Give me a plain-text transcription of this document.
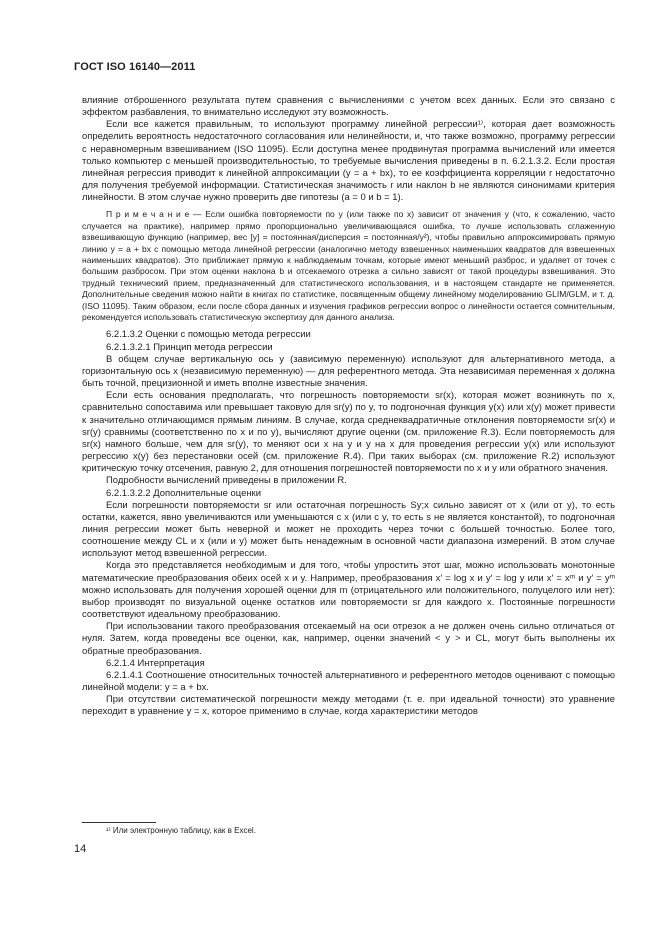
ГОСТ ISO 16140—2011

влияние отброшенного результата путем сравнения с вычислениями с учетом всех данных. Если это связано с эффектом разбавления, то внимательно исследуют эту возможность.

Если все кажется правильным, то используют программу линейной регрессии¹⁾, которая дает возможность определить вероятность недостаточного согласования или нелинейности, и, что также возможно, программу регрессии с неравномерным взвешиванием (ISO 11095). Если доступна менее продвинутая программа вычислений или имеется только компьютер с меньшей производительностью, то требуемые вычисления приведены в п. 6.2.1.3.2. Если простая линейная регрессия приводит к линейной аппроксимации (y = a + bx), то ее коэффициента корреляции r недостаточно для получения требуемой информации. Статистическая значимость r или наклон b не являются синонимами критерия линейности. В этом случае нужно проверить две гипотезы (a = 0 и b = 1).

П р и м е ч а н и е — Если ошибка повторяемости по y (или также по x) зависит от значения y (что, к сожалению, часто случается на практике), например прямо пропорционально увеличивающаяся ошибка, то лучше использовать сглаженную взвешивающую функцию (например, вес [y] = постоянная/дисперсия = постоянная/y²), чтобы правильно аппроксимировать прямую линию y = a + bx с помощью метода линейной регрессии (аналогично методу взвешенных наименьших квадратов для взвешенных наименьших квадратов). Это приближает прямую к наблюдаемым точкам, которые имеют меньший разброс, и удаляет от точек с большим разбросом. При этом оценки наклона b и отсекаемого отрезка a сильно зависят от такой процедуры взвешивания. Это трудный технический прием, предназначенный для статистического использования, и в настоящем стандарте не применяется. Дополнительные сведения можно найти в книгах по статистике, посвященным общему линейному моделированию GLIM/GLM, и т. д. (ISO 11095). Таким образом, если после сбора данных и изучения графиков регрессии вопрос о линейности остается сомнительным, рекомендуется использовать статистическую экспертизу для данного анализа.

6.2.1.3.2 Оценки с помощью метода регрессии
6.2.1.3.2.1 Принцип метода регрессии

В общем случае вертикальную ось y (зависимую переменную) используют для альтернативного метода, а горизонтальную ось x (независимую переменную) — для референтного метода. Эта независимая переменная x должна быть точной, прецизионной и иметь вполне известные значения.

Если есть основания предполагать, что погрешность повторяемости sr(x), которая может возникнуть по x, сравнительно сопоставима или превышает таковую для sr(y) по y, то подгоночная функция y(x) или x(y) может привести к значительно отличающимся прямым линиям. В случае, когда среднеквадратичные отклонения повторяемости sr(x) и sr(y) сравнимы (соответственно по x и по y), вычисляют другие оценки (см. приложение R.3). Если повторяемость для sr(x) намного больше, чем для sr(y), то меняют оси x на y и y на x для проведения регрессии y(x) или используют регрессию x(y) без перестановки осей (см. приложение R.4). При таких выборах (см. приложение R.2) используют критическую точку отсечения, равную 2, для отношения погрешностей повторяемости по x и y или обратного значения.

Подробности вычислений приведены в приложении R.

6.2.1.3.2.2 Дополнительные оценки

Если погрешности повторяемости sr или остаточная погрешность Sy;x сильно зависят от x (или от y), то есть остатки, кажется, явно увеличиваются или уменьшаются с x (или с y, то есть s не является константой), то подгоночная линия регрессии может быть неверной и может не проходить через точки с большей точностью. Более того, соотношение между CL и x (или и y) может быть ненадежным в основной части диапазона измерений. В этом случае используют метод взвешенной регрессии.

Когда это представляется необходимым и для того, чтобы упростить этот шаг, можно использовать монотонные математические преобразования обеих осей x и y. Например, преобразования x′ = log x и y′ = log y или x′ = xᵐ и y′ = yᵐ можно использовать для получения хорошей оценки для m (отрицательного или положительного, полуцелого или нет): выбор производят по визуальной оценке остатков или повторяемости sr для каждого x. Постоянные погрешности соответствуют идеальному преобразованию.

При использовании такого преобразования отсекаемый на оси отрезок a не должен очень сильно отличаться от нуля. Затем, когда проведены все оценки, как, например, оценки значений < y > и CL, могут быть выполнены их обратные преобразования.

6.2.1.4 Интерпретация

6.2.1.4.1 Соотношение относительных точностей альтернативного и референтного методов оценивают с помощью линейной модели: y = a + bx.

При отсутствии систематической погрешности между методами (т. е. при идеальной точности) это уравнение переходит в уравнение y = x, которое применимо в случае, когда характеристики методов

¹⁾ Или электронную таблицу, как в Excel.
14
